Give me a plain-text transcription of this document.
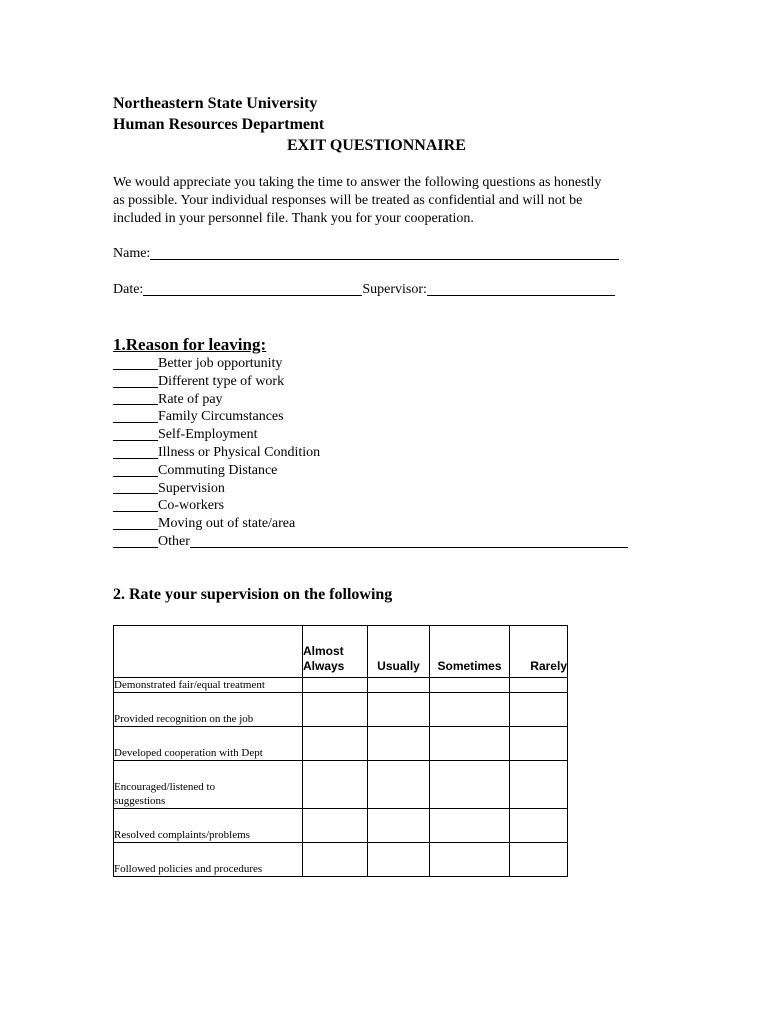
Northeastern State University
Human Resources Department
EXIT QUESTIONNAIRE
We would appreciate you taking the time to answer the following questions as honestly
as possible. Your individual responses will be treated as confidential and will not be
included in your personnel file. Thank you for your cooperation.
Name:
Date:	Supervisor:
1.Reason for leaving:
Better job opportunity
Different type of work
Rate of pay
Family Circumstances
Self-Employment
Illness or Physical Condition
Commuting Distance
Supervision
Co-workers
Moving out of state/area
Other
2. Rate your supervision on the following

	Almost
Always	Usually	Sometimes	Rarely

Demonstrated fair/equal treatment				
Provided recognition on the job				
Developed cooperation with Dept				

Encouraged/listened to
suggestions				

Resolved complaints/problems				
Followed policies and procedures				
